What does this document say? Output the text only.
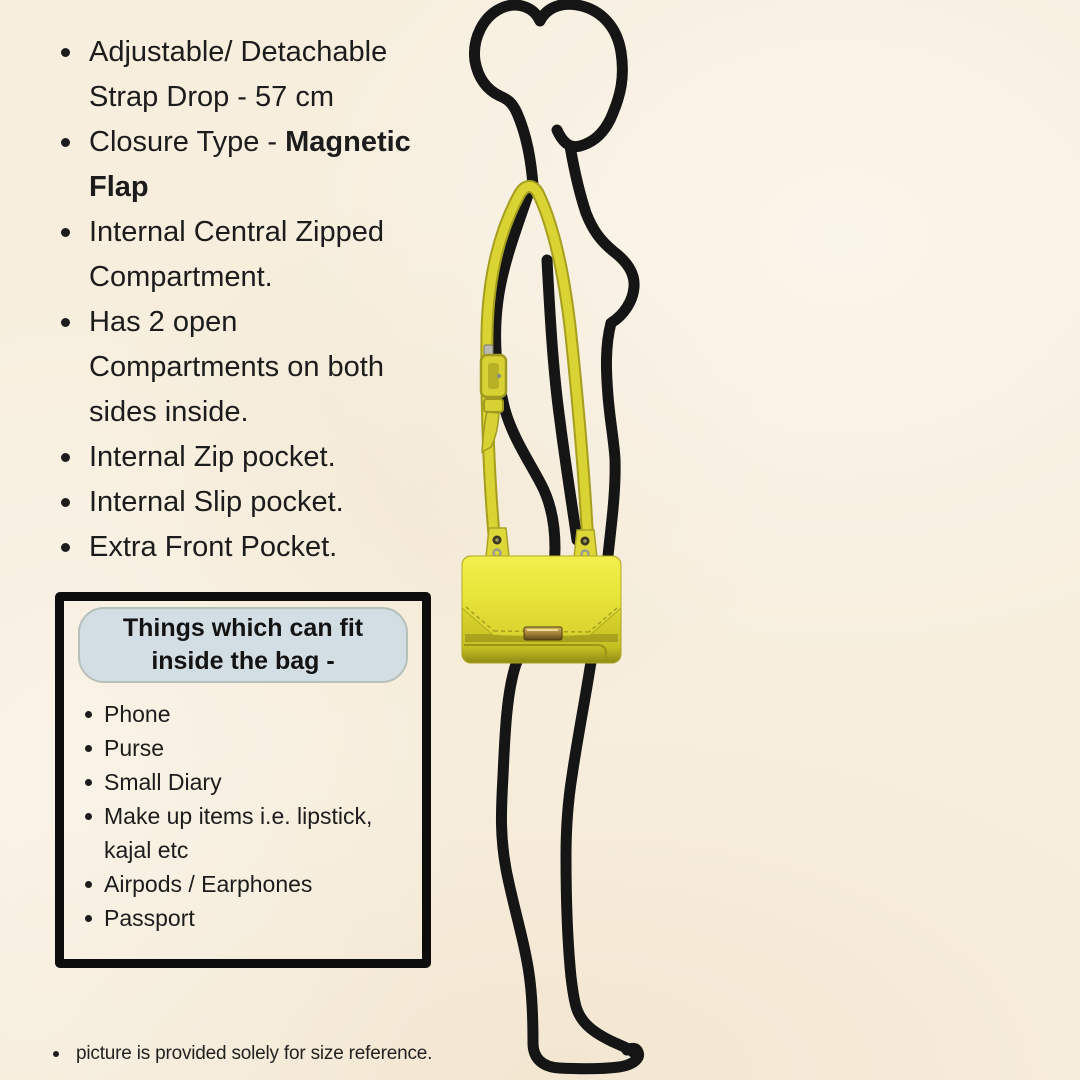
Adjustable/ Detachable
Strap Drop - 57 cm
Closure Type - Magnetic
Flap
Internal Central Zipped
Compartment.
Has 2 open
Compartments on both
sides inside.
Internal Zip pocket.
Internal Slip pocket.
Extra Front Pocket.
Things which can fit
inside the bag -
Phone
Purse
Small Diary
Make up items i.e. lipstick,
kajal etc
Airpods / Earphones
Passport
picture is provided solely for size reference.
